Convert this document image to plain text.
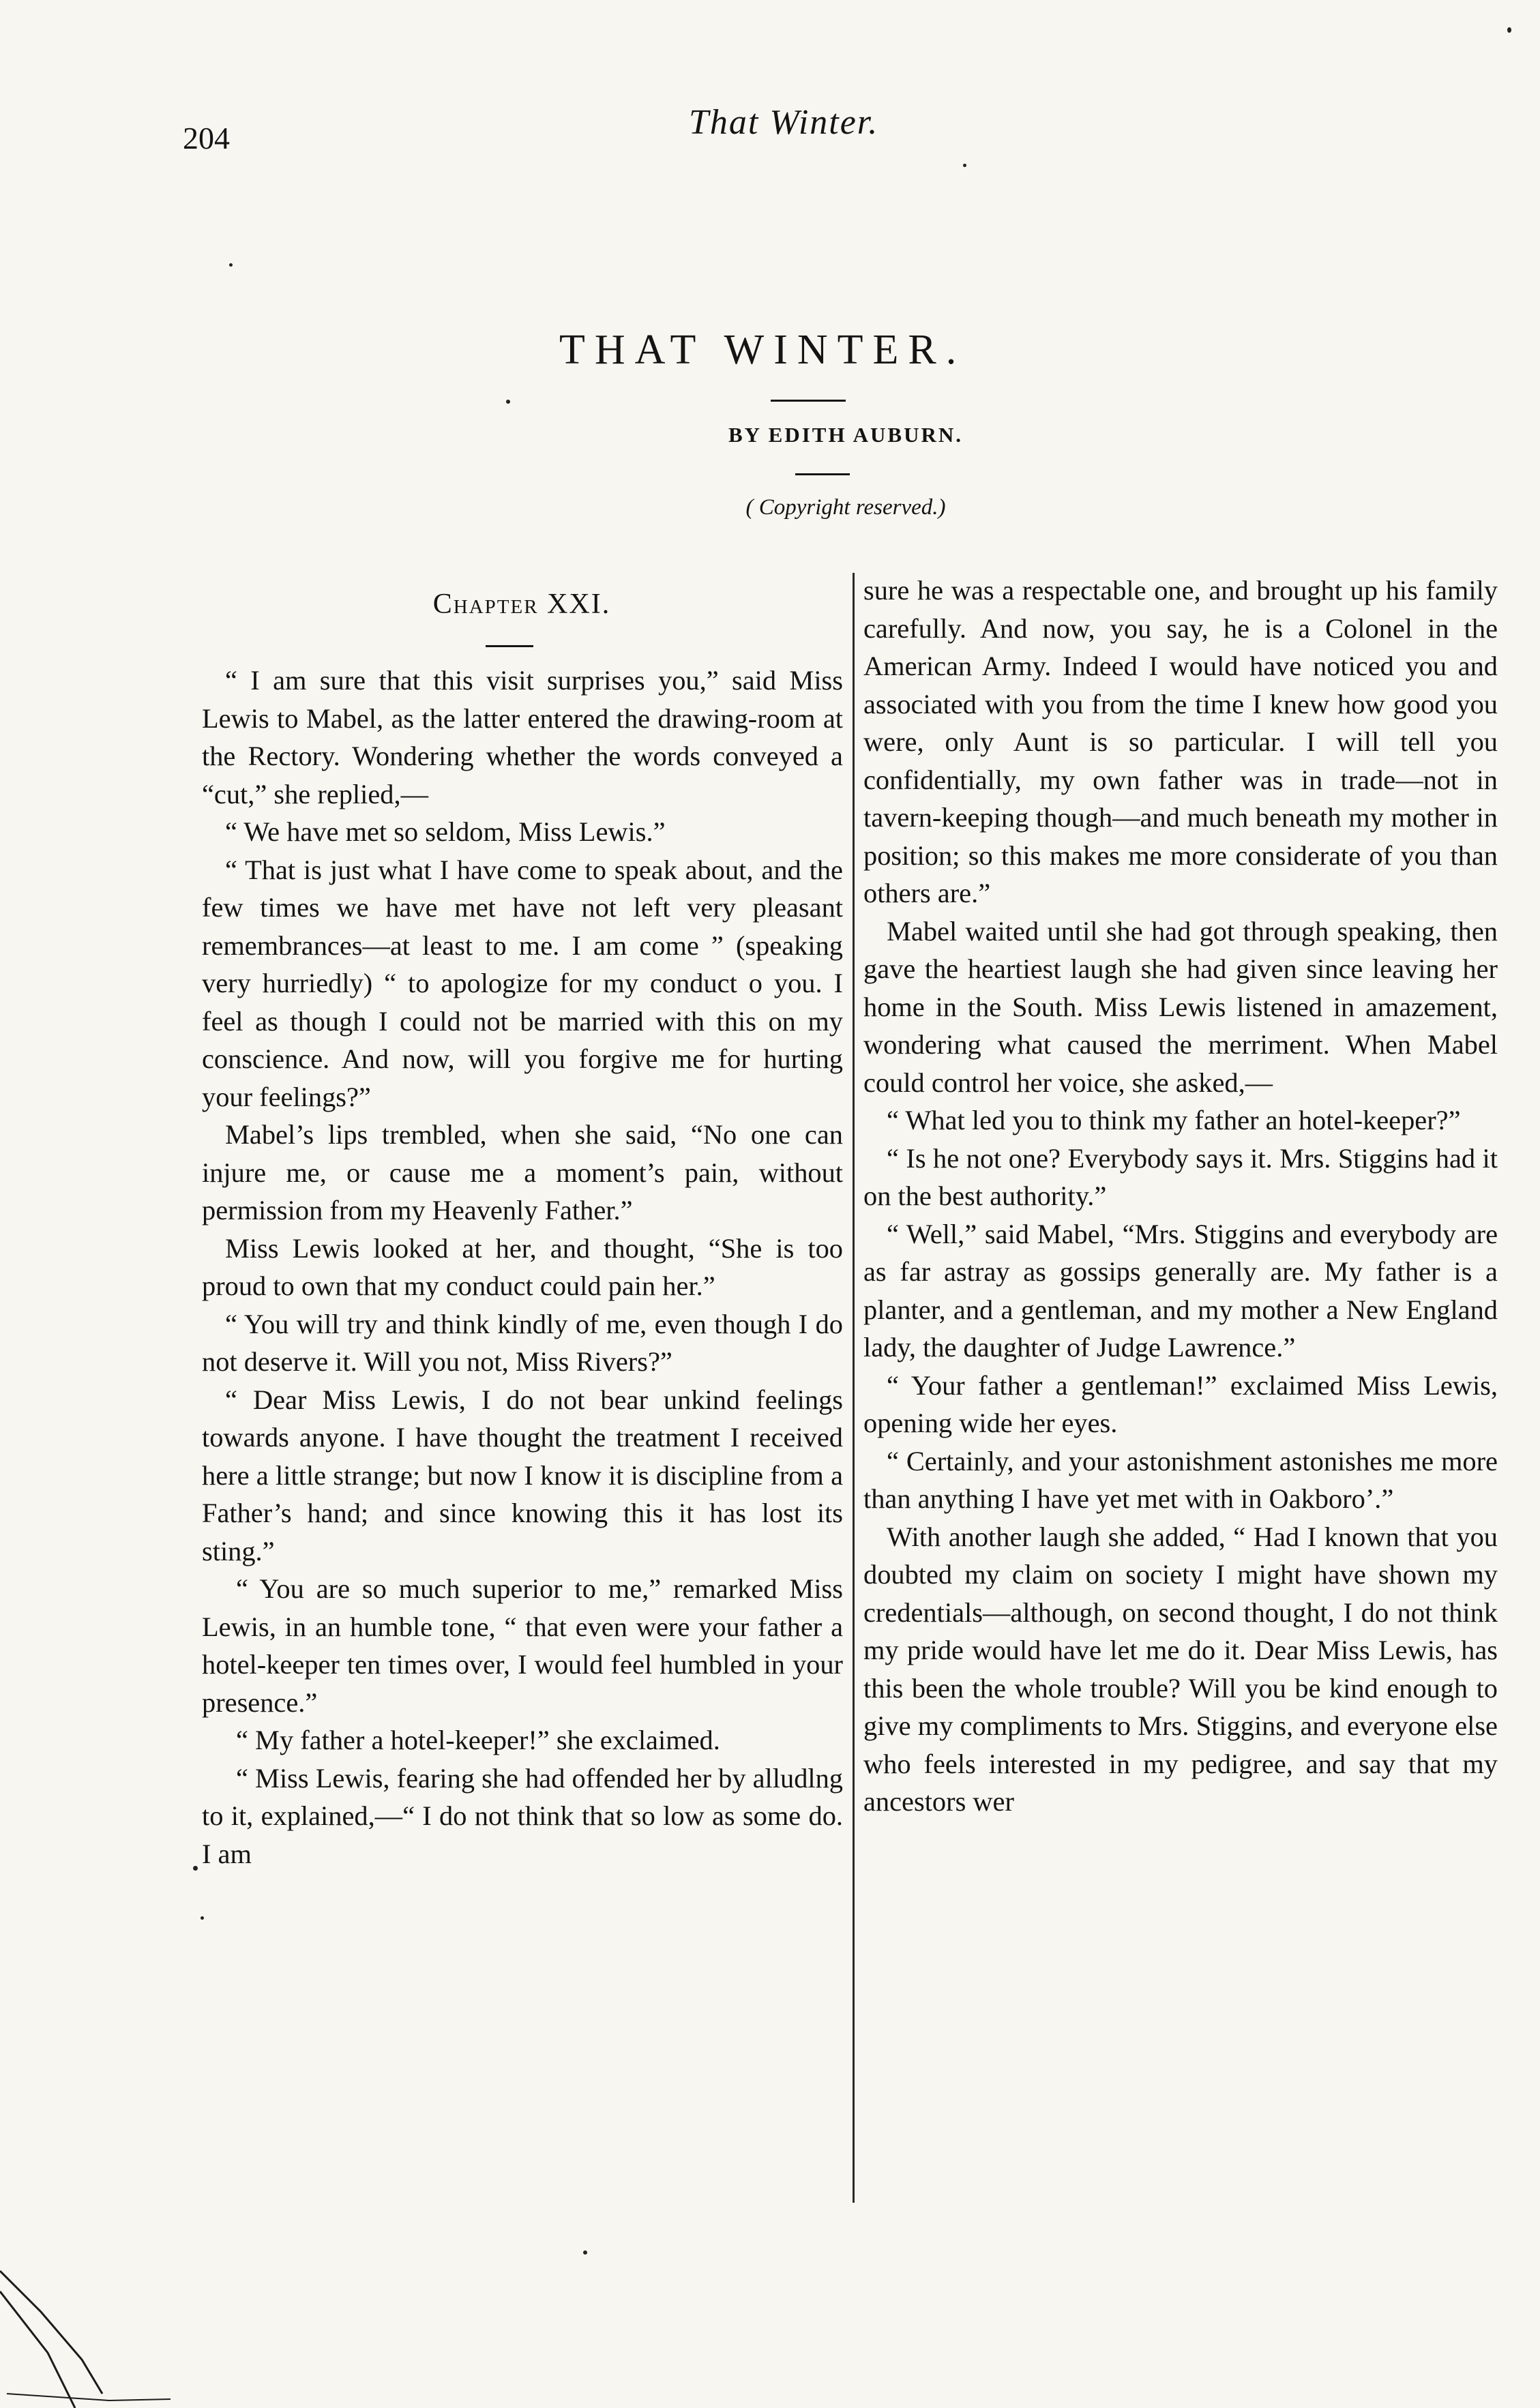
204	That Winter.
THAT WINTER.
BY EDITH AUBURN.
( Copyright reserved.)
Chapter XXI.

“ I am sure that this visit surprises you,” said Miss Lewis to Mabel, as the latter entered the drawing-room at the Rectory. Wondering whether the words conveyed a “cut,” she replied,—

“ We have met so seldom, Miss Lewis.”

“ That is just what I have come to speak about, and the few times we have met have not left very pleasant remembrances—at least to me. I am come ” (speaking very hurriedly) “ to apologize for my conduct o you. I feel as though I could not be married with this on my conscience. And now, will you forgive me for hurting your feelings?”

Mabel’s lips trembled, when she said, “No one can injure me, or cause me a moment’s pain, without permission from my Heavenly Father.”

Miss Lewis looked at her, and thought, “She is too proud to own that my conduct could pain her.”

“ You will try and think kindly of me, even though I do not deserve it. Will you not, Miss Rivers?”

“ Dear Miss Lewis, I do not bear unkind feelings towards anyone. I have thought the treatment I received here a little strange; but now I know it is discipline from a Father’s hand; and since knowing this it has lost its sting.”

“ You are so much superior to me,” remarked Miss Lewis, in an humble tone, “ that even were your father a hotel-keeper ten times over, I would feel humbled in your presence.”

“ My father a hotel-keeper!” she exclaimed.

“ Miss Lewis, fearing she had offended her by alludlng to it, explained,—“ I do not think that so low as some do. I am

sure he was a respectable one, and brought up his family carefully. And now, you say, he is a Colonel in the American Army. Indeed I would have noticed you and associated with you from the time I knew how good you were, only Aunt is so particular. I will tell you confidentially, my own father was in trade—not in tavern-keeping though—and much beneath my mother in position; so this makes me more considerate of you than others are.”

Mabel waited until she had got through speaking, then gave the heartiest laugh she had given since leaving her home in the South. Miss Lewis listened in amazement, wondering what caused the merriment. When Mabel could control her voice, she asked,—

“ What led you to think my father an hotel-keeper?”

“ Is he not one? Everybody says it. Mrs. Stiggins had it on the best authority.”

“ Well,” said Mabel, “Mrs. Stiggins and everybody are as far astray as gossips generally are. My father is a planter, and a gentleman, and my mother a New England lady, the daughter of Judge Lawrence.”

“ Your father a gentleman!” exclaimed Miss Lewis, opening wide her eyes.

“ Certainly, and your astonishment astonishes me more than anything I have yet met with in Oakboro’.”

With another laugh she added, “ Had I known that you doubted my claim on society I might have shown my credentials—although, on second thought, I do not think my pride would have let me do it. Dear Miss Lewis, has this been the whole trouble? Will you be kind enough to give my compliments to Mrs. Stiggins, and everyone else who feels interested in my pedigree, and say that my ancestors wer
